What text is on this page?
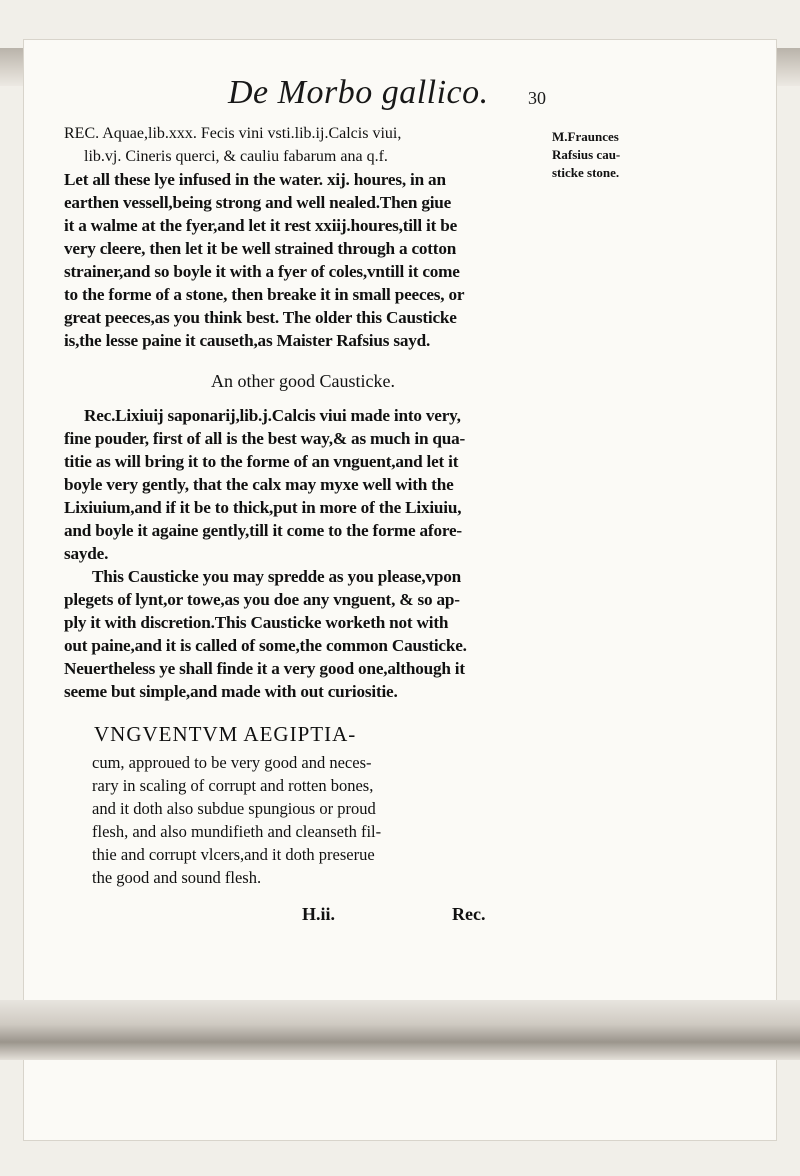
De Morbo gallico. 30
M.Fraunces
Rafsius cau-
sticke stone.
REC. Aquae,lib.xxx. Fecis vini vsti.lib.ij.Calcis viui,
lib.vj. Cineris querci, & cauliu fabarum ana q.f.
Let all these lye infused in the water. xij. houres, in an
earthen vessell,being strong and well nealed.Then giue
it a walme at the fyer,and let it rest xxiij.houres,till it be
very cleere, then let it be well strained through a cotton
strainer,and so boyle it with a fyer of coles,vntill it come
to the forme of a stone, then breake it in small peeces, or
great peeces,as you think best. The older this Causticke
is,the lesse paine it causeth,as Maister Rafsius sayd.
An other good Causticke.
Rec.Lixiuij saponarij,lib.j.Calcis viui made into very,
fine pouder, first of all is the best way,& as much in qua-
titie as will bring it to the forme of an vnguent,and let it
boyle very gently, that the calx may myxe well with the
Lixiuium,and if it be to thick,put in more of the Lixiuiu,
and boyle it againe gently,till it come to the forme afore-
sayde.
This Causticke you may spredde as you please,vpon
plegets of lynt,or towe,as you doe any vnguent, & so ap-
ply it with discretion.This Causticke worketh not with
out paine,and it is called of some,the common Causticke.
Neuertheless ye shall finde it a very good one,although it
seeme but simple,and made with out curiositie.
VNGVENTVM AEGIPTIA-
cum, approued to be very good and neces-
rary in scaling of corrupt and rotten bones,
and it doth also subdue spungious or proud
flesh, and also mundifieth and cleanseth fil-
thie and corrupt vlcers,and it doth preserue
the good and sound flesh.
H.ii.	Rec.
